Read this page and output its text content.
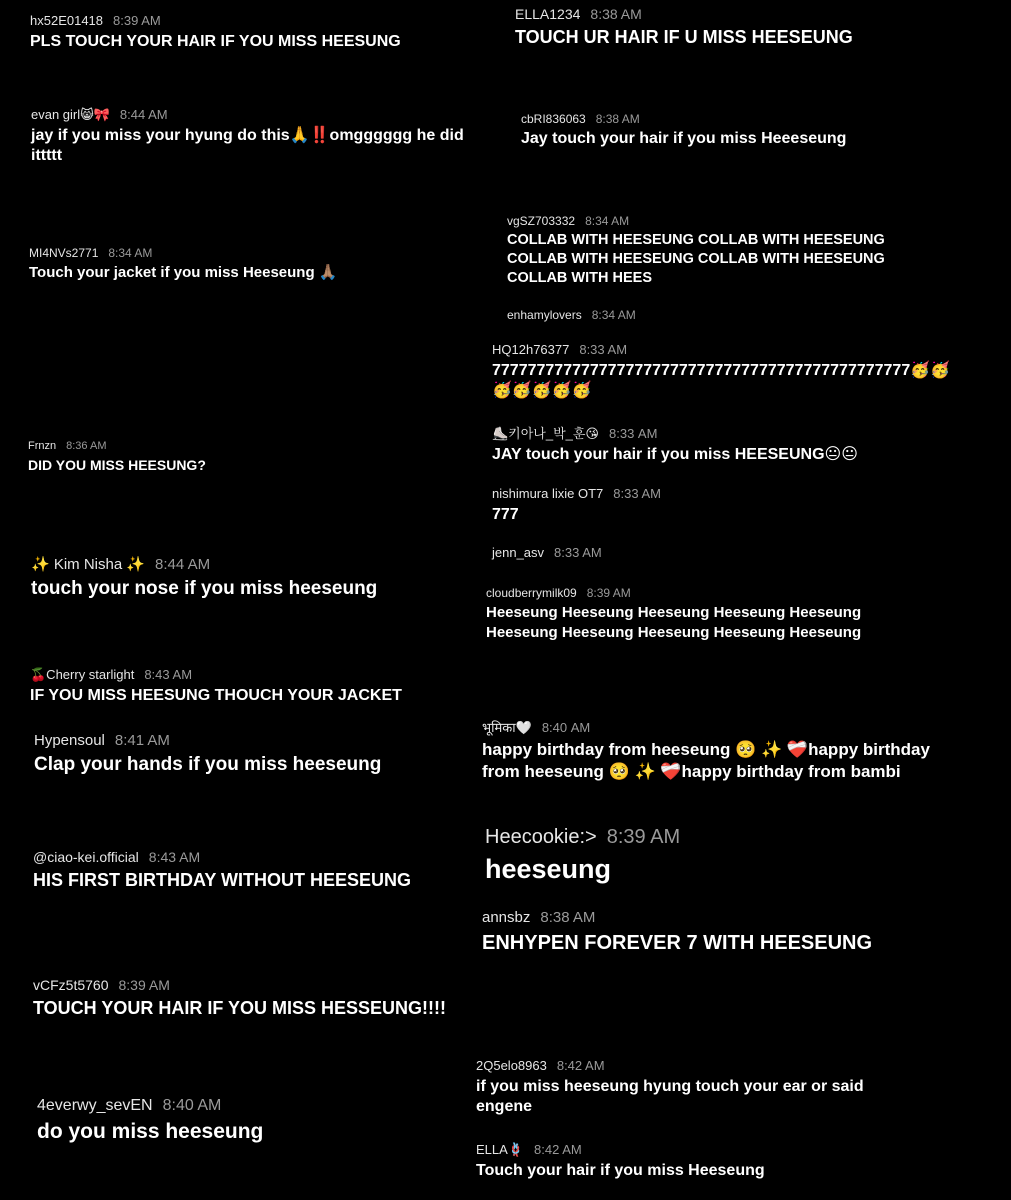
hx52E01418 8:39 AM
PLS TOUCH YOUR HAIR IF YOU MISS HEESUNG
ELLA1234 8:38 AM
TOUCH UR HAIR IF U MISS HEESEUNG
evan girl😸🎀 8:44 AM
jay if you miss your hyung do this🙏‼️omgggggg he did ittttt
cbRI836063 8:38 AM
Jay touch your hair if you miss Heeeseung
vgSZ703332 8:34 AM
COLLAB WITH HEESEUNG COLLAB WITH HEESEUNG COLLAB WITH HEESEUNG COLLAB WITH HEESEUNG COLLAB WITH HEES
MI4NVs2771 8:34 AM
Touch your jacket if you miss Heeseung 🙏🏽
enhamylovers 8:34 AM
HQ12h76377 8:33 AM
77777777777777777777777777777777777777777777777🥳🥳🥳🥳🥳🥳🥳
⛸️키아나_박_훈😘 8:33 AM
JAY touch your hair if you miss HEESEUNG😐😐
Frnzn 8:36 AM
DID YOU MISS HEESUNG?
nishimura lixie OT7 8:33 AM
777
jenn_asv 8:33 AM
✨ Kim Nisha ✨ 8:44 AM
touch your nose if you miss heeseung	cloudberrymilk09 8:39 AM
Heeseung Heeseung Heeseung Heeseung Heeseung Heeseung Heeseung Heeseung Heeseung Heeseung
🍒Cherry starlight 8:43 AM
IF YOU MISS HEESUNG THOUCH YOUR JACKET
भूमिका🤍 8:40 AM
happy birthday from heeseung 🥺 ✨ ❤️‍🩹happy birthday from heeseung 🥺 ✨ ❤️‍🩹happy birthday from bambi
Hypensoul 8:41 AM
Clap your hands if you miss heeseung
Heecookie:> 8:39 AM
heeseung
@ciao-kei.official 8:43 AM
HIS FIRST BIRTHDAY WITHOUT HEESEUNG
annsbz 8:38 AM
ENHYPEN FOREVER 7 WITH HEESEUNG
vCFz5t5760 8:39 AM
TOUCH YOUR HAIR IF YOU MISS HESSEUNG!!!!
2Q5elo8963 8:42 AM
if you miss heeseung hyung touch your ear or said engene
4everwy_sevEN 8:40 AM
do you miss heeseung
ELLA🪢 8:42 AM
Touch your hair if you miss Heeseung
